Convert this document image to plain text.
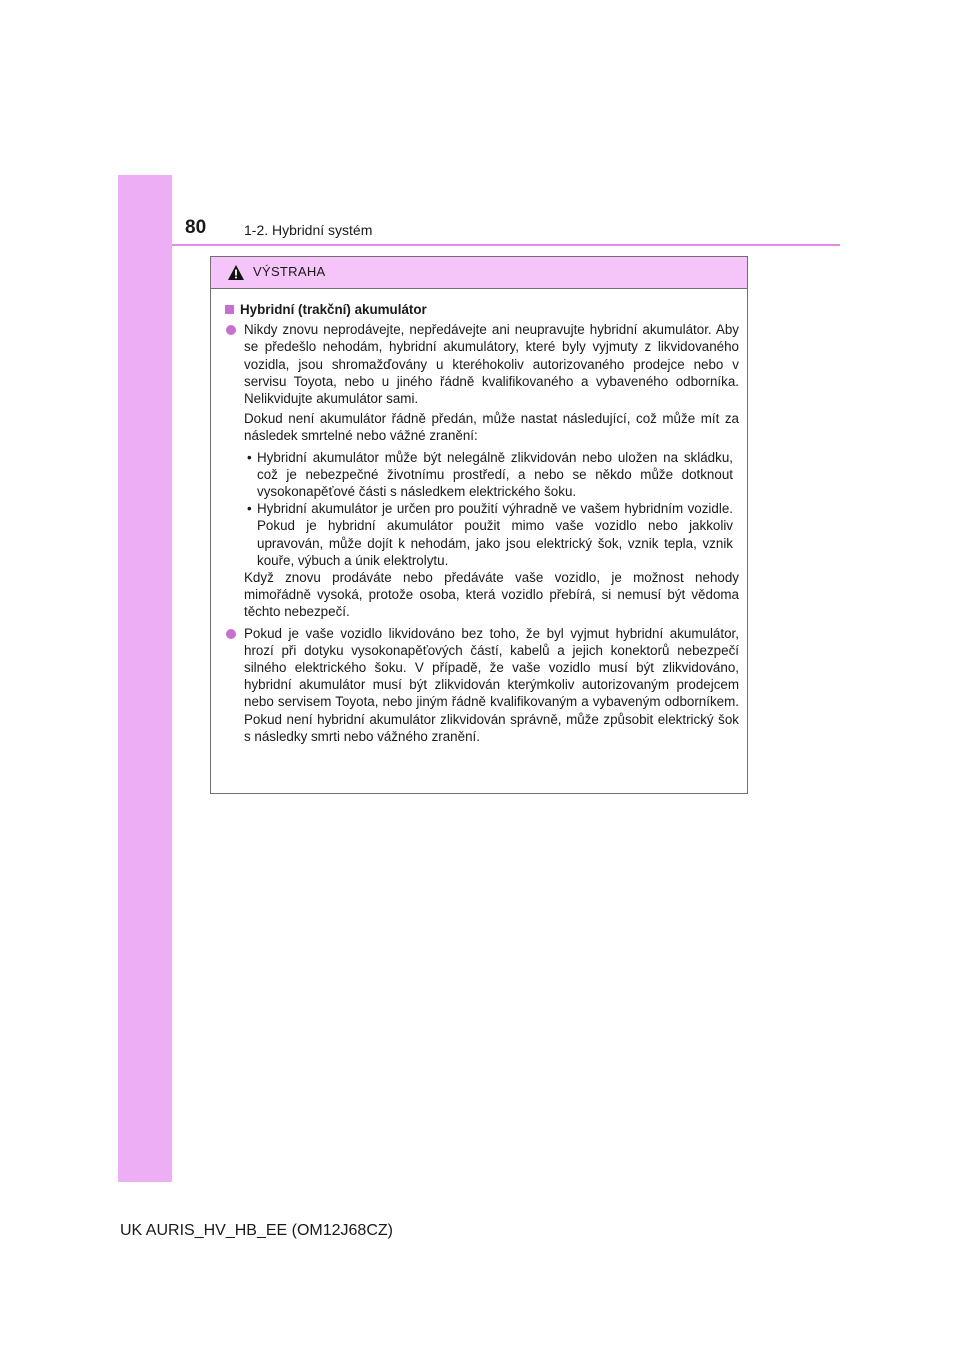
80	1-2. Hybridní systém
VÝSTRAHA
Hybridní (trakční) akumulátor
Nikdy znovu neprodávejte, nepředávejte ani neupravujte hybridní akumulátor. Aby se předešlo nehodám, hybridní akumulátory, které byly vyjmuty z likvidovaného vozidla, jsou shromažďovány u kteréhokoliv autorizovaného prodejce nebo v servisu Toyota, nebo u jiného řádně kvalifikovaného a vybaveného odborníka. Nelikvidujte akumulátor sami.
Dokud není akumulátor řádně předán, může nastat následující, což může mít za následek smrtelné nebo vážné zranění:
• Hybridní akumulátor může být nelegálně zlikvidován nebo uložen na skládku, což je nebezpečné životnímu prostředí, a nebo se někdo může dotknout vysokonapěťové části s následkem elektrického šoku.
• Hybridní akumulátor je určen pro použití výhradně ve vašem hybridním vozidle. Pokud je hybridní akumulátor použit mimo vaše vozidlo nebo jakkoliv upravován, může dojít k nehodám, jako jsou elektrický šok, vznik tepla, vznik kouře, výbuch a únik elektrolytu.
Když znovu prodáváte nebo předáváte vaše vozidlo, je možnost nehody mimořádně vysoká, protože osoba, která vozidlo přebírá, si nemusí být vědoma těchto nebezpečí.
Pokud je vaše vozidlo likvidováno bez toho, že byl vyjmut hybridní akumulátor, hrozí při dotyku vysokonapěťových částí, kabelů a jejich konektorů nebezpečí silného elektrického šoku. V případě, že vaše vozidlo musí být zlikvidováno, hybridní akumulátor musí být zlikvidován kterýmkoliv autorizovaným prodejcem nebo servisem Toyota, nebo jiným řádně kvalifikovaným a vybaveným odborníkem. Pokud není hybridní akumulátor zlikvidován správně, může způsobit elektrický šok s následky smrti nebo vážného zranění.
UK AURIS_HV_HB_EE (OM12J68CZ)
